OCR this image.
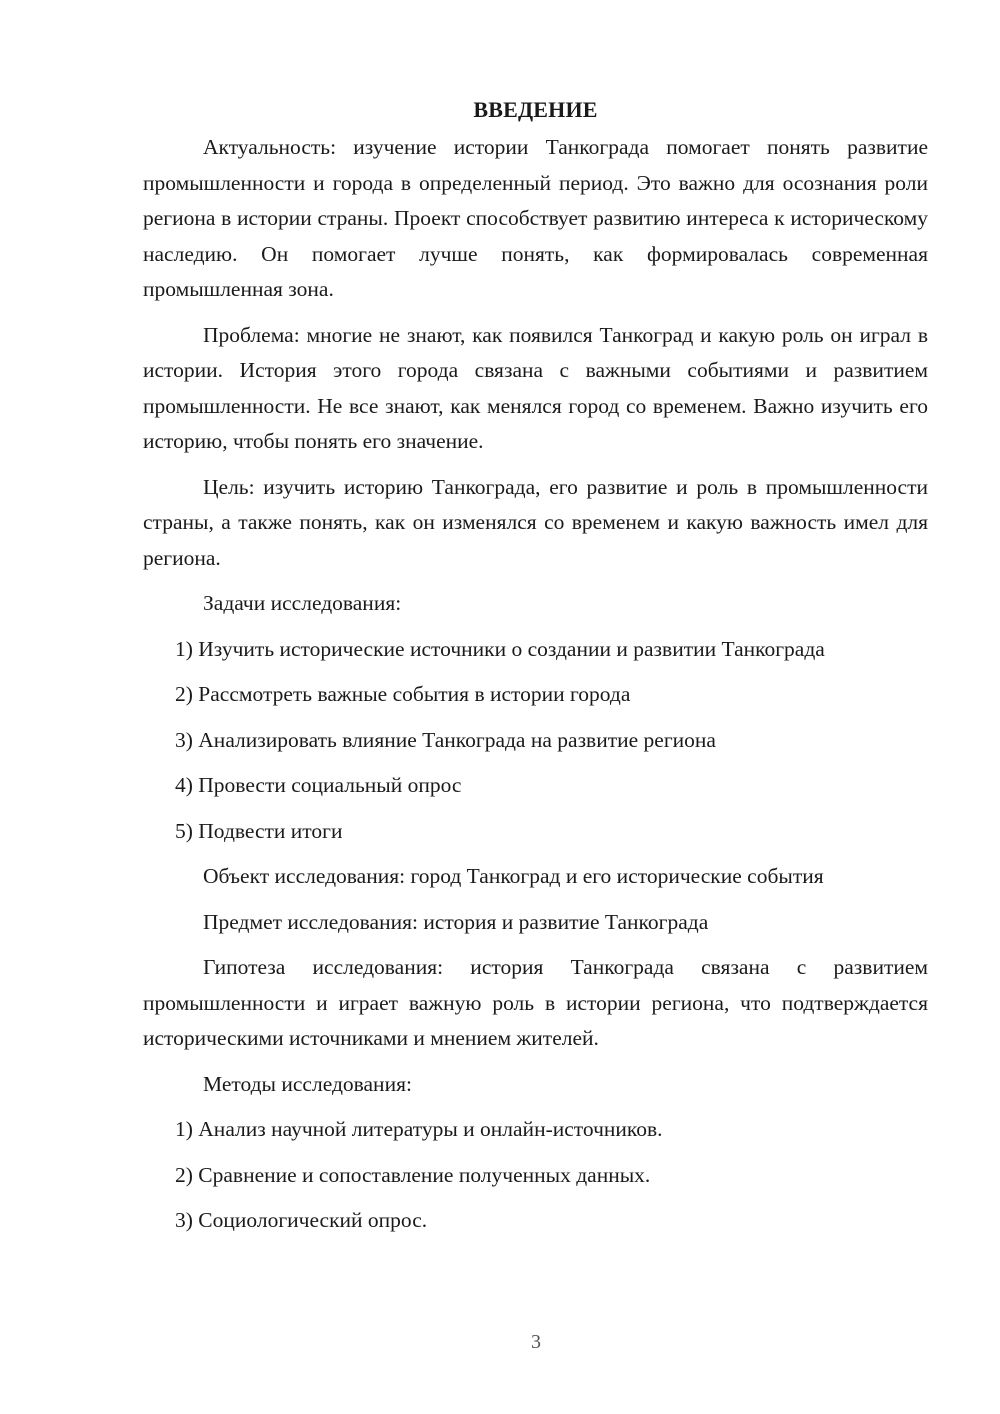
ВВЕДЕНИЕ

Актуальность: изучение истории Танкограда помогает понять развитие промышленности и города в определенный период. Это важно для осознания роли региона в истории страны. Проект способствует развитию интереса к историческому наследию. Он помогает лучше понять, как формировалась современная промышленная зона.

Проблема: многие не знают, как появился Танкоград и какую роль он играл в истории. История этого города связана с важными событиями и развитием промышленности. Не все знают, как менялся город со временем. Важно изучить его историю, чтобы понять его значение.

Цель: изучить историю Танкограда, его развитие и роль в промышленности страны, а также понять, как он изменялся со временем и какую важность имел для региона.

Задачи исследования:
1) Изучить исторические источники о создании и развитии Танкограда
2) Рассмотреть важные события в истории города
3) Анализировать влияние Танкограда на развитие региона
4) Провести социальный опрос
5) Подвести итоги
Объект исследования: город Танкоград и его исторические события
Предмет исследования: история и развитие Танкограда

Гипотеза исследования: история Танкограда связана с развитием промышленности и играет важную роль в истории региона, что подтверждается историческими источниками и мнением жителей.

Методы исследования:
1) Анализ научной литературы и онлайн-источников.
2) Сравнение и сопоставление полученных данных.
3) Социологический опрос.
3
